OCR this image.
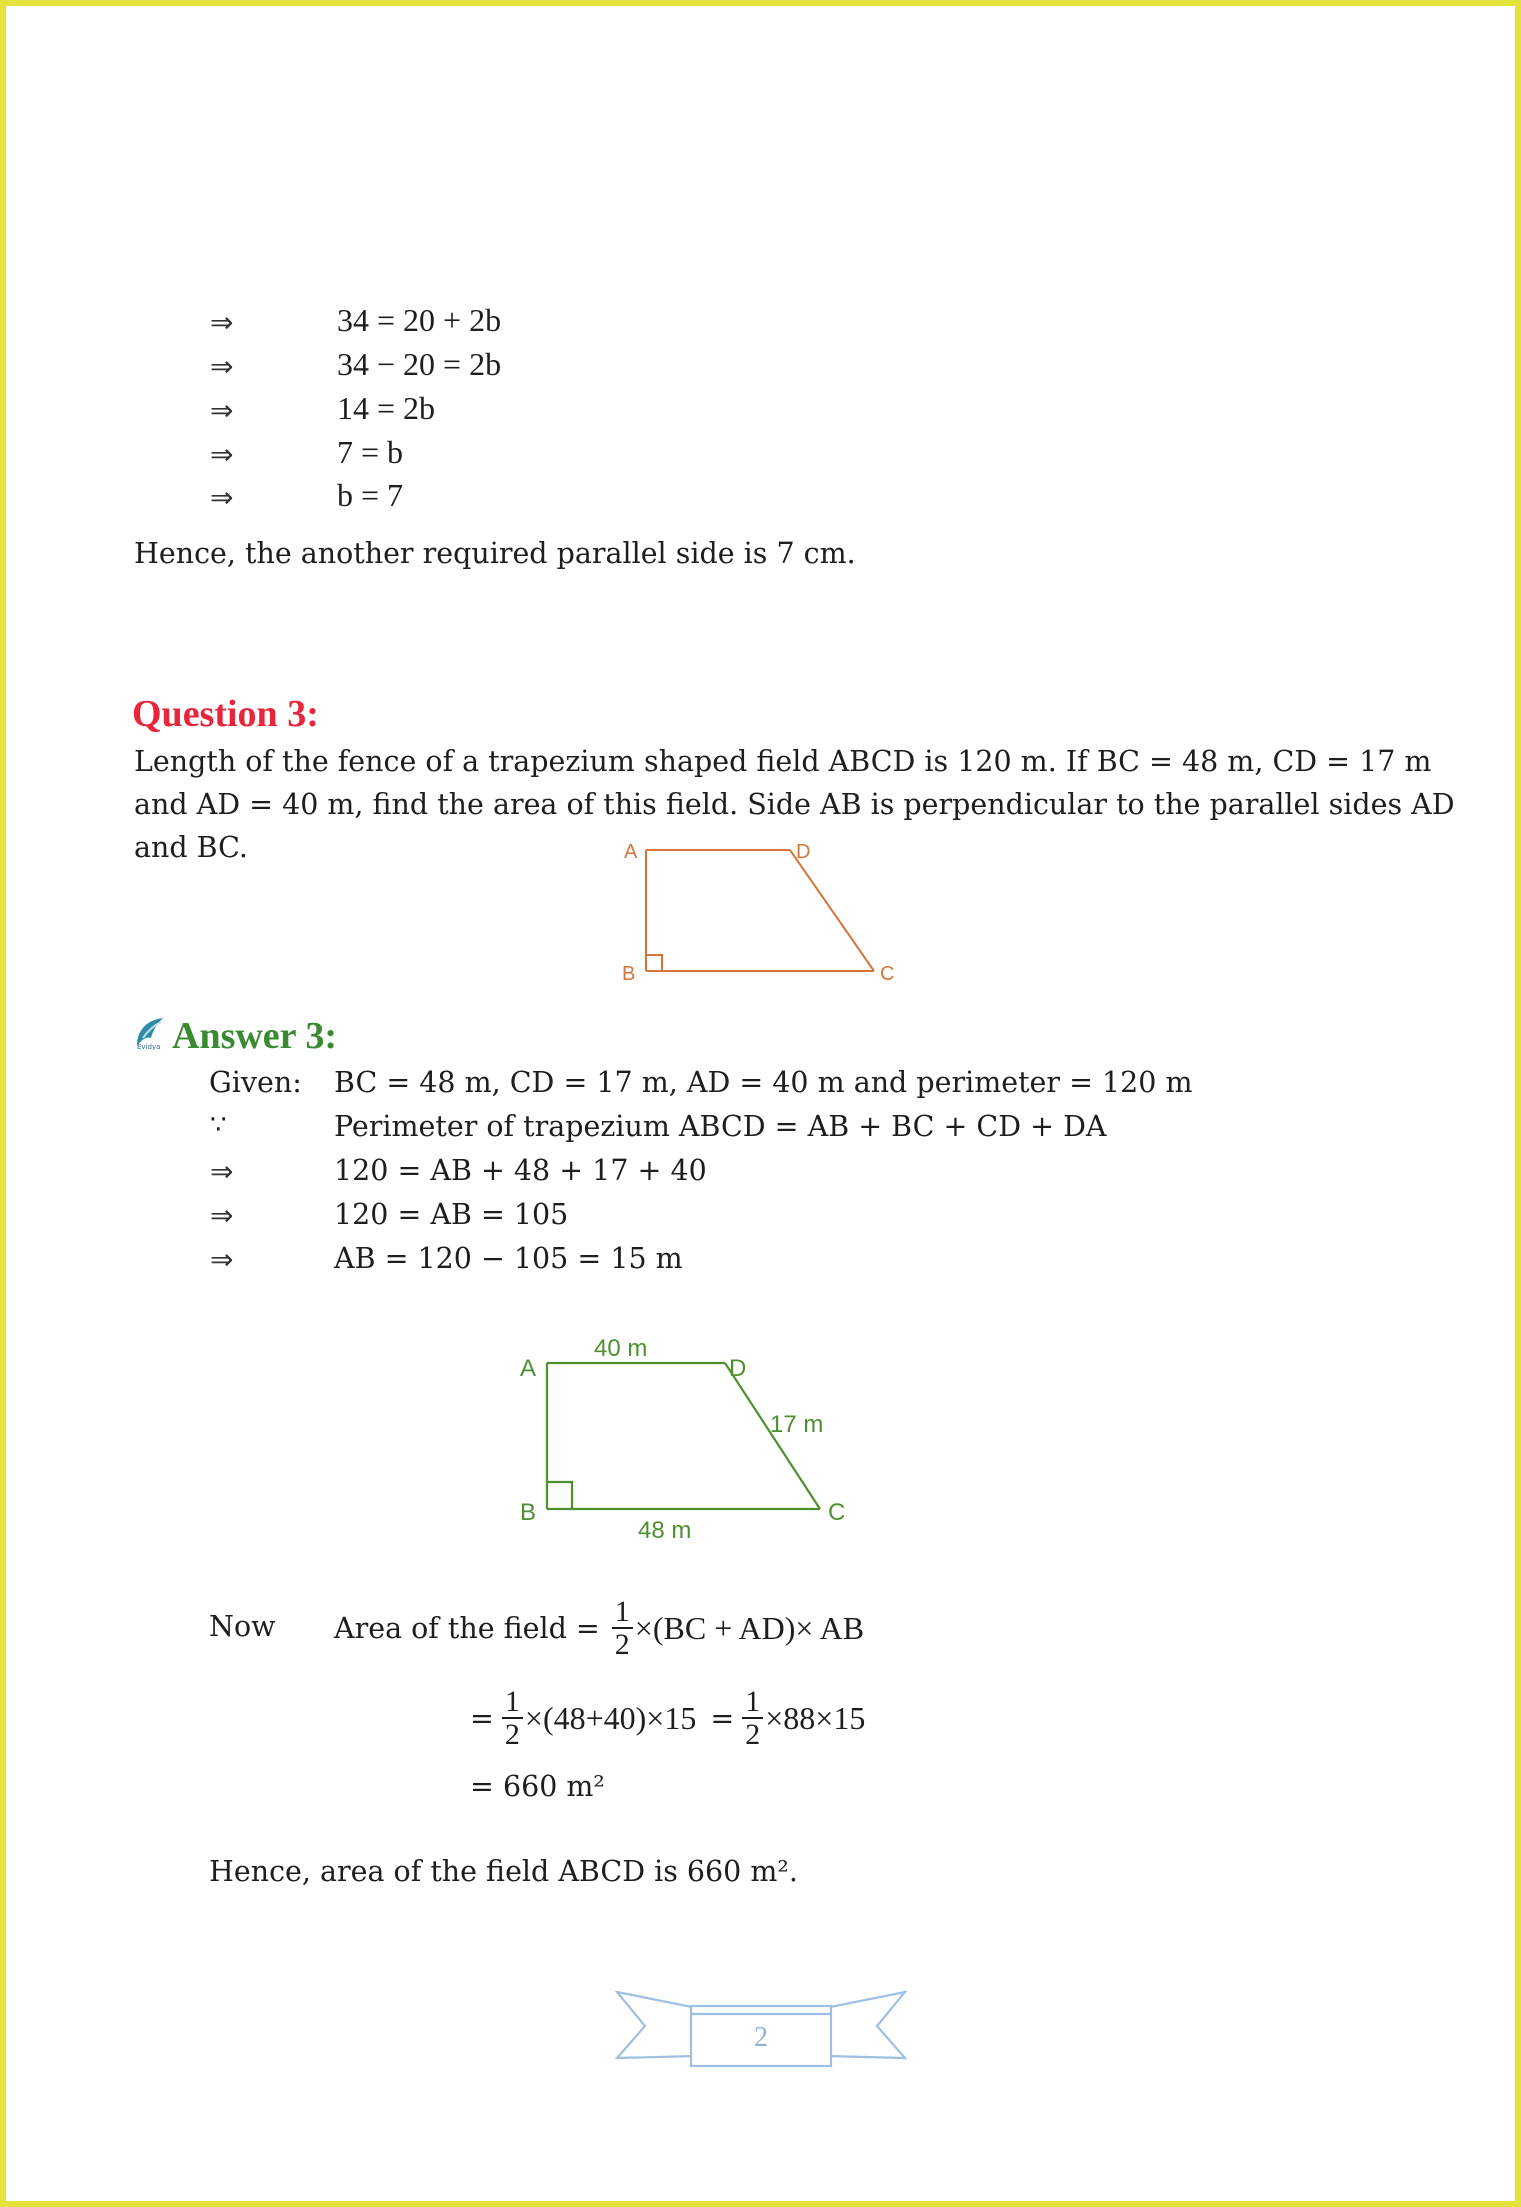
⇒	34 = 20 + 2b
⇒	34 − 20 = 2b
⇒	14 = 2b
⇒	7 = b
⇒	b = 7
Hence, the another required parallel side is 7 cm.
Question 3:
Length of the fence of a trapezium shaped field ABCD is 120 m. If BC = 48 m, CD = 17 m
and AD = 40 m, find the area of this field. Side AB is perpendicular to the parallel sides AD
and BC.	A	D
B	C
Evidya Answer 3:
Given: BC = 48 m, CD = 17 m, AD = 40 m and perimeter = 120 m
∵	Perimeter of trapezium ABCD = AB + BC + CD + DA
⇒	120 = AB + 48 + 17 + 40
⇒	120 = AB = 105
⇒	AB = 120 − 105 = 15 m
A	D
B	C
40 m
17 m
48 m
Now Area of the field = $\frac{1}{2} \times(BC + AD)\times$ AB
= $\frac{1}{2} \times(48+40)\times 15 = \frac{1}{2} \times 88\times 15$
= 660 m²
Hence, area of the field ABCD is 660 m².
2
